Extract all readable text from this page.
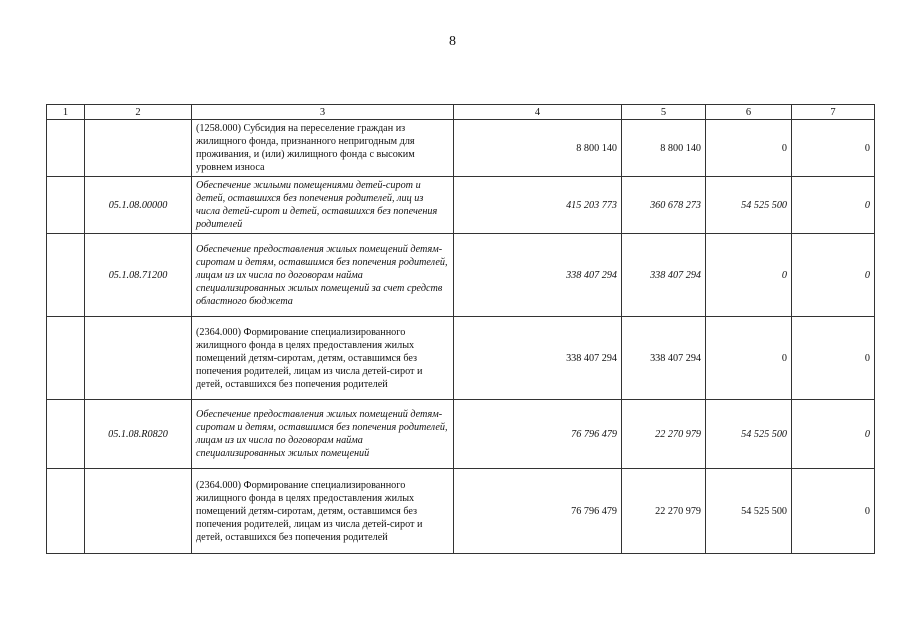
8
1	2	3	4	5	6	7
		(1258.000) Субсидия на переселение граждан из жилищного фонда, признанного непригодным для проживания, и (или) жилищного фонда с высоким уровнем износа	8 800 140	8 800 140	0	0
	05.1.08.00000	Обеспечение жилыми помещениями детей-сирот и детей, оставшихся без попечения родителей, лиц из числа детей-сирот и детей, оставшихся без попечения родителей	415 203 773	360 678 273	54 525 500	0
	05.1.08.71200	Обеспечение предоставления жилых помещений детям-сиротам и детям, оставшимся без попечения родителей, лицам из их числа по договорам найма специализированных жилых помещений за счет средств областного бюджета	338 407 294	338 407 294	0	0
		(2364.000) Формирование специализированного жилищного фонда в целях предоставления жилых помещений детям-сиротам, детям, оставшимся без попечения родителей, лицам из числа детей-сирот и детей, оставшихся без попечения родителей	338 407 294	338 407 294	0	0
	05.1.08.R0820	Обеспечение предоставления жилых помещений детям-сиротам и детям, оставшимся без попечения родителей, лицам из их числа по договорам найма специализированных жилых помещений	76 796 479	22 270 979	54 525 500	0
		(2364.000) Формирование специализированного жилищного фонда в целях предоставления жилых помещений детям-сиротам, детям, оставшимся без попечения родителей, лицам из числа детей-сирот и детей, оставшихся без попечения родителей	76 796 479	22 270 979	54 525 500	0
